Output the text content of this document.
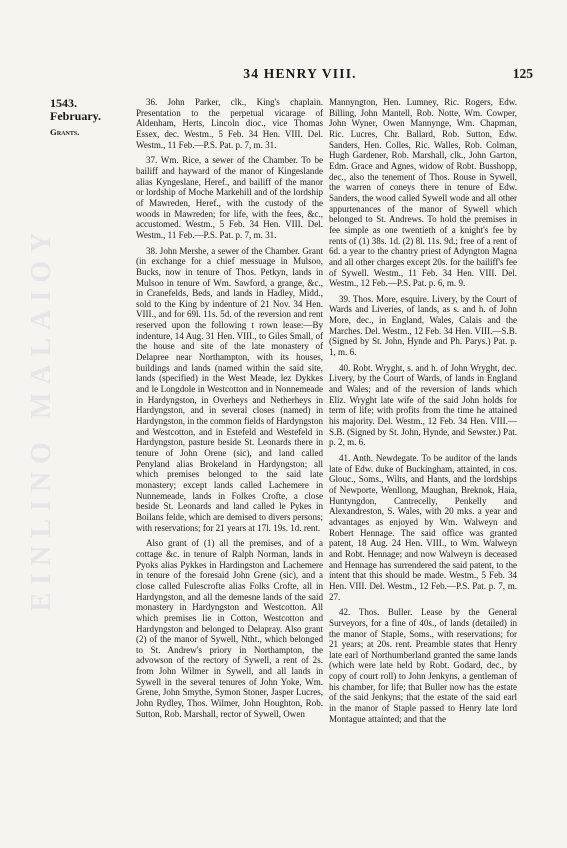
EINLINO MALAIOY
34 HENRY VIII.	125
1543.
February.
Grants.

36. John Parker, clk., King's chaplain. Presentation to the perpetual vicarage of Aldenham, Herts, Lincoln dioc., vice Thomas Essex, dec. Westm., 5 Feb. 34 Hen. VIII. Del. Westm., 11 Feb.—P.S. Pat. p. 7, m. 31.

37. Wm. Rice, a sewer of the Chamber. To be bailiff and hayward of the manor of Kingeslande alias Kyngeslane, Heref., and bailiff of the manor or lordship of Moche Markehill and of the lordship of Mawreden, Heref., with the custody of the woods in Mawreden; for life, with the fees, &c., accustomed. Westm., 5 Feb. 34 Hen. VIII. Del. Westm., 11 Feb.—P.S. Pat. p. 7, m. 31.

38. John Mershe, a sewer of the Chamber. Grant (in exchange for a chief messuage in Mulsoo, Bucks, now in tenure of Thos. Petkyn, lands in Mulsoo in tenure of Wm. Sawford, a grange, &c., in Cranefelds, Beds, and lands in Hadley, Midd., sold to the King by indenture of 21 Nov. 34 Hen. VIII., and for 69l. 11s. 5d. of the reversion and rent reserved upon the following t rown lease:—By indenture, 14 Aug. 31 Hen. VIII., to Giles Small, of the house and site of the late monastery of Delapree near Northampton, with its houses, buildings and lands (named within the said site, lands (specified) in the West Meade, lez Dykkes and le Longdole in Westcotton and in Nonnemeade in Hardyngston, in Overheys and Netherheys in Hardyngston, and in several closes (named) in Hardyngston, in the common fields of Hardyngston and Westcotton, and in Estefeld and Westefeld in Hardyngston, pasture beside St. Leonards there in tenure of John Orene (sic), and land called Penyland alias Brokeland in Hardyngston; all which premises belonged to the said late monastery; except lands called Lachemere in Nunnemeade, lands in Folkes Crofte, a close beside St. Leonards and land called le Pykes in Boilans felde, which are demised to divers persons; with reservations; for 21 years at 17l. 19s. 1d. rent.

Also grant of (1) all the premises, and of a cottage &c. in tenure of Ralph Norman, lands in Pyoks alias Pykkes in Hardingston and Lachemere in tenure of the foresaid John Grene (sic), and a close called Fulescrofte alias Folks Crofte, all in Hardyngston, and all the demesne lands of the said monastery in Hardyngston and Westcotton. All which premises lie in Cotton, Westcotton and Hardyngston and belonged to Delapray. Also grant (2) of the manor of Sywell, Ntht., which belonged to St. Andrew's priory in Northampton, the advowson of the rectory of Sywell, a rent of 2s. from John Wilmer in Sywell, and all lands in Sywell in the several tenures of John Yoke, Wm. Grene, John Smythe, Symon Stoner, Jasper Lucres, John Rydley, Thos. Wilmer, John Houghton, Rob. Sutton, Rob. Marshall, rector of Sywell, Owen

Mannyngton, Hen. Lumney, Ric. Rogers, Edw. Billing, John Mantell, Rob. Notte, Wm. Cowper, John Wyner, Owen Mannynge, Wm. Chapman, Ric. Lucres, Chr. Ballard, Rob. Sutton, Edw. Sanders, Hen. Colles, Ric. Walles, Rob. Colman, Hugh Gardener, Rob. Marshall, clk., John Garton, Edm. Grace and Agnes, widow of Robt. Busshopp, dec., also the tenement of Thos. Rouse in Sywell, the warren of coneys there in tenure of Edw. Sanders, the wood called Sywell wode and all other appurtenances of the manor of Sywell which belonged to St. Andrews. To hold the premises in fee simple as one twentieth of a knight's fee by rents of (1) 38s. 1d. (2) 8l. 11s. 9d.; free of a rent of 6d. a year to the chantry priest of Adyngton Magna and all other charges except 20s. for the bailiff's fee of Sywell. Westm., 11 Feb. 34 Hen. VIII. Del. Westm., 12 Feb.—P.S. Pat. p. 6, m. 9.

39. Thos. More, esquire. Livery, by the Court of Wards and Liveries, of lands, as s. and h. of John More, dec., in England, Wales, Calais and the Marches. Del. Westm., 12 Feb. 34 Hen. VIII.—S.B. (Signed by St. John, Hynde and Ph. Parys.) Pat. p. 1, m. 6.

40. Robt. Wryght, s. and h. of John Wryght, dec. Livery, by the Court of Wards, of lands in England and Wales; and of the reversion of lands which Eliz. Wryght late wife of the said John holds for term of life; with profits from the time he attained his majority. Del. Westm., 12 Feb. 34 Hen. VIII.—S.B. (Signed by St. John, Hynde, and Sewster.) Pat. p. 2, m. 6.

41. Anth. Newdegate. To be auditor of the lands late of Edw. duke of Buckingham, attainted, in cos. Glouc., Soms., Wilts, and Hants, and the lordships of Newporte, Wenllong, Maughan, Breknok, Haia, Huntyngdon, Cantrecelly, Penkelly and Alexandreston, S. Wales, with 20 mks. a year and advantages as enjoyed by Wm. Walweyn and Robert Hennage. The said office was granted patent, 18 Aug. 24 Hen. VIII., to Wm. Walweyn and Robt. Hennage; and now Walweyn is deceased and Hennage has surrendered the said patent, to the intent that this should be made. Westm., 5 Feb. 34 Hen. VIII. Del. Westm., 12 Feb.—P.S. Pat. p. 7, m. 27.

42. Thos. Buller. Lease by the General Surveyors, for a fine of 40s., of lands (detailed) in the manor of Staple, Soms., with reservations; for 21 years; at 20s. rent. Preamble states that Henry late earl of Northumberland granted the same lands (which were late held by Robt. Godard, dec., by copy of court roll) to John Jenkyns, a gentleman of his chamber, for life; that Buller now has the estate of the said Jenkyns; that the estate of the said earl in the manor of Staple passed to Henry late lord Montague attainted; and that the
